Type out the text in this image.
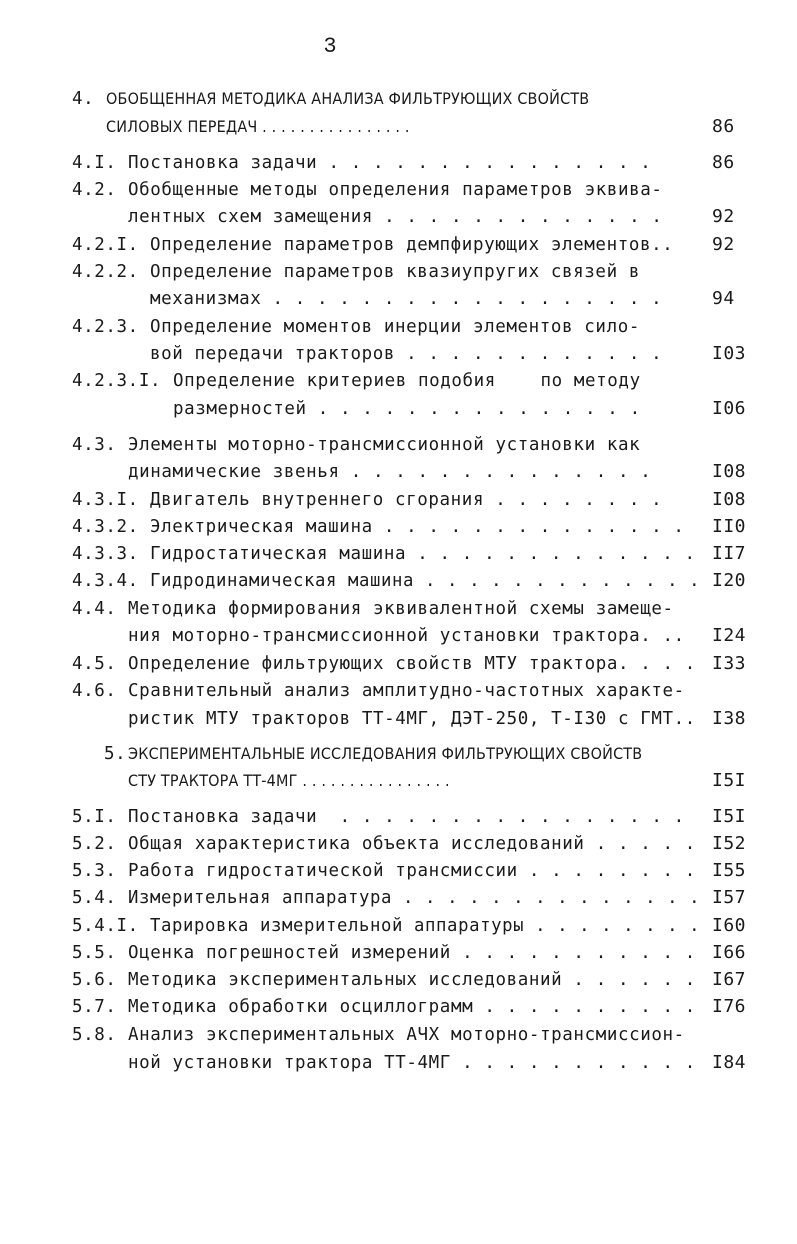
3
4. ОБОБЩЕННАЯ МЕТОДИКА АНАЛИЗА ФИЛЬТРУЮЩИХ СВОЙСТВ
СИЛОВЫХ ПЕРЕДАЧ . . . . . . . . . . . . . . . .	86
4.I. Постановка задачи . . . . . . . . . . . . . . .	86
4.2. Обобщенные методы определения параметров эквива-
лентных схем замещения . . . . . . . . . . . . .	92
4.2.I. Определение параметров демпфирующих элементов.. 92
4.2.2. Определение параметров квазиупругих связей в
механизмах . . . . . . . . . . . . . . . . . .	94
4.2.3. Определение моментов инерции элементов сило-
вой передачи тракторов . . . . . . . . . . . .	I03
4.2.3.I. Определение критериев подобия    по методу
размерностей . . . . . . . . . . . . . . .	I06
4.3. Элементы моторно-трансмиссионной установки как
динамические звенья . . . . . . . . . . . . . .	I08
4.3.I. Двигатель внутреннего сгорания . . . . . . . .	I08
4.3.2. Электрическая машина . . . . . . . . . . . . . . II0
4.3.3. Гидростатическая машина . . . . . . . . . . . . . II7
4.3.4. Гидродинамическая машина . . . . . . . . . . . . . I20
4.4. Методика формирования эквивалентной схемы замеще-
ния моторно-трансмиссионной установки трактора. .. I24
4.5. Определение фильтрующих свойств МТУ трактора. . . . I33
4.6. Сравнительный анализ амплитудно-частотных характе-
ристик МТУ тракторов ТТ-4МГ, ДЭТ-250, Т-I30 с ГМТ.. I38
5. ЭКСПЕРИМЕНТАЛЬНЫЕ ИССЛЕДОВАНИЯ ФИЛЬТРУЮЩИХ СВОЙСТВ
СТУ ТРАКТОРА ТТ-4МГ . . . . . . . . . . . . . . . .	I5I
5.I. Постановка задачи  . . . . . . . . . . . . . . . . I5I
5.2. Общая характеристика объекта исследований . . . . . I52
5.3. Работа гидростатической трансмиссии . . . . . . . . I55
5.4. Измерительная аппаратура . . . . . . . . . . . . . . I57
5.4.I. Тарировка измерительной аппаратуры . . . . . . . . I60
5.5. Оценка погрешностей измерений . . . . . . . . . . . I66
5.6. Методика экспериментальных исследований . . . . . . I67
5.7. Методика обработки осциллограмм . . . . . . . . . . I76
5.8. Анализ экспериментальных АЧХ моторно-трансмиссион-
ной установки трактора ТТ-4МГ . . . . . . . . . . . I84
